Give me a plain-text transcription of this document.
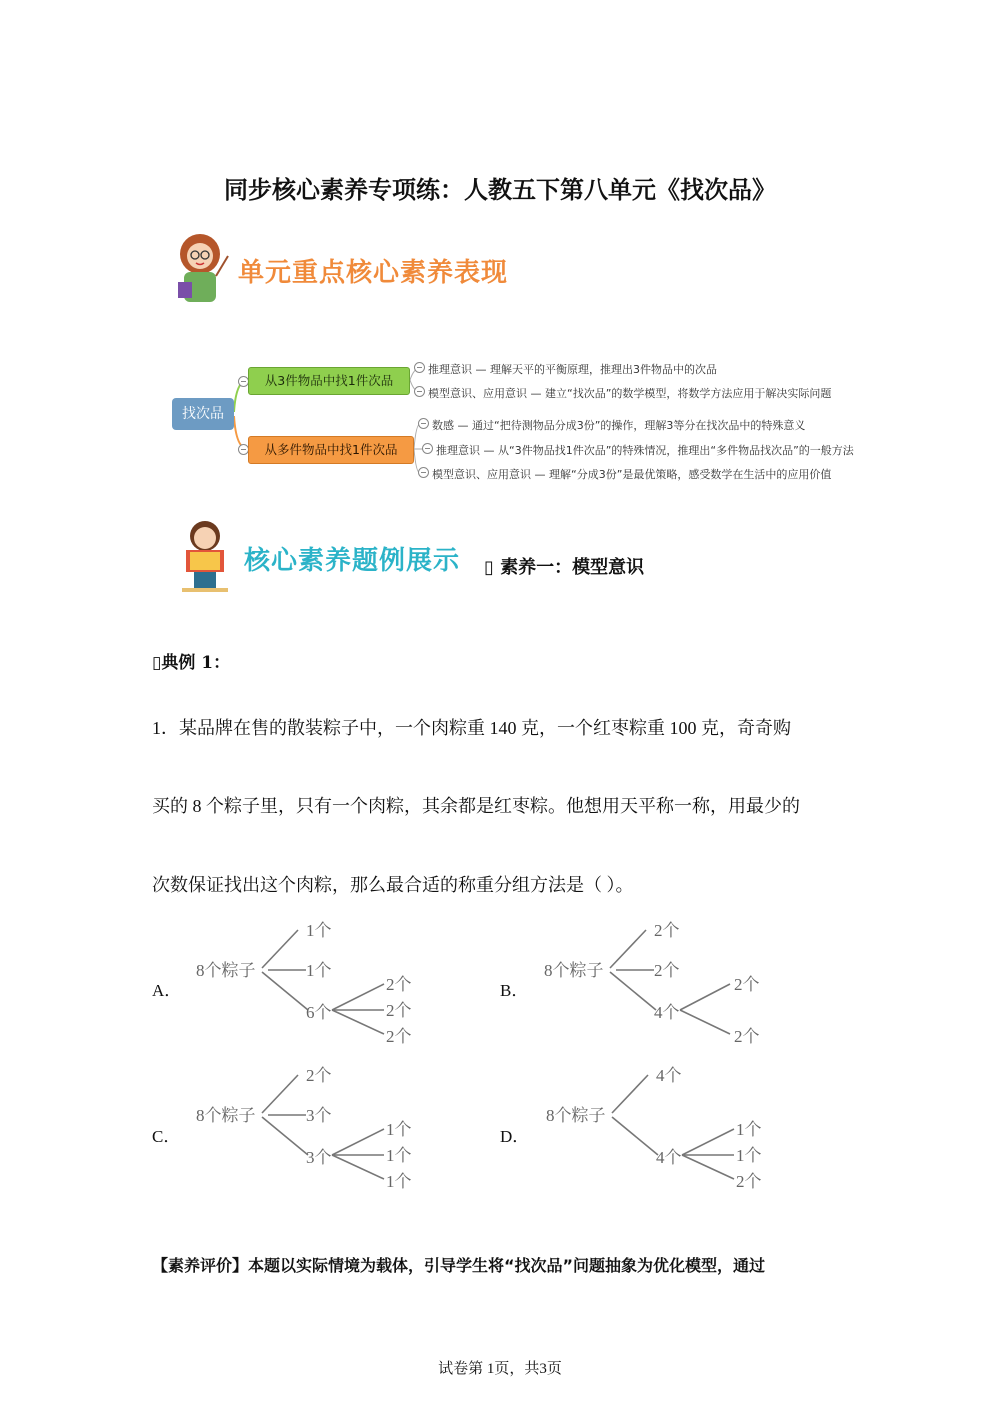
同步核心素养专项练：人教五下第八单元《找次品》
单元重点核心素养表现
找次品
从3件物品中找1件次品
从多件物品中找1件次品
推理意识 — 理解天平的平衡原理，推理出3件物品中的次品
模型意识、应用意识 — 建立“找次品”的数学模型，将数学方法应用于解决实际问题
数感 — 通过“把待测物品分成3份”的操作，理解3等分在找次品中的特殊意义
推理意识 — 从“3件物品找1件次品”的特殊情况，推理出“多件物品找次品”的一般方法
模型意识、应用意识 — 理解“分成3份”是最优策略，感受数学在生活中的应用价值
核心素养题例展示 ▯ 素养一：模型意识
▯典例 1：
1．某品牌在售的散装粽子中，一个肉粽重 140 克，一个红枣粽重 100 克，奇奇购
买的 8 个粽子里，只有一个肉粽，其余都是红枣粽。他想用天平称一称，用最少的
次数保证找出这个肉粽，那么最合适的称重分组方法是（ ）。
A．
8个粽子
1个
1个
6个
2个
2个
2个
B．
8个粽子
2个
2个
4个
2个
2个
C．
8个粽子
2个
3个
3个
1个
1个
1个
D．
8个粽子
4个
4个
1个
1个
2个
【素养评价】本题以实际情境为载体，引导学生将“找次品”问题抽象为优化模型，通过
试卷第 1页，共3页
